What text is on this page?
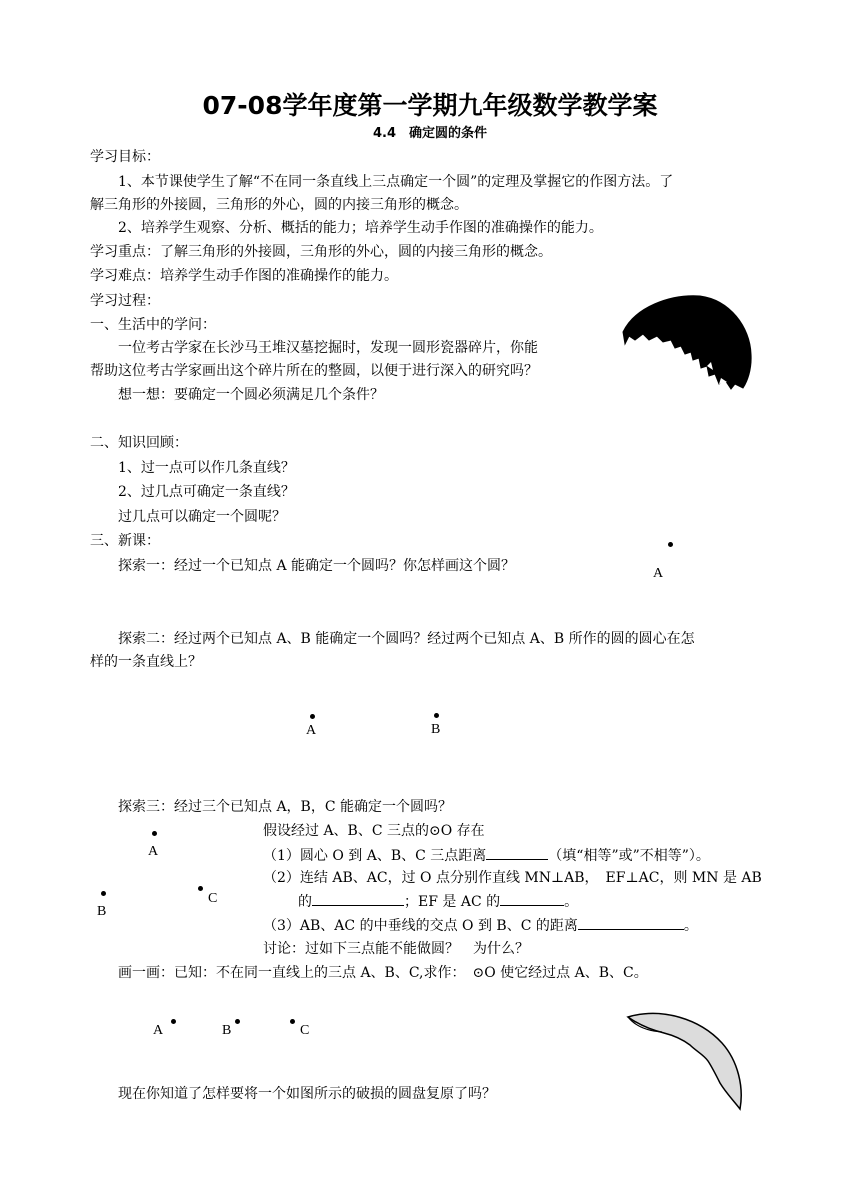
07-08学年度第一学期九年级数学教学案
4.4　确定圆的条件
学习目标：
1、本节课使学生了解“不在同一条直线上三点确定一个圆”的定理及掌握它的作图方法。了
解三角形的外接圆，三角形的外心，圆的内接三角形的概念。
2、培养学生观察、分析、概括的能力；培养学生动手作图的准确操作的能力。
学习重点：了解三角形的外接圆，三角形的外心，圆的内接三角形的概念。
学习难点：培养学生动手作图的准确操作的能力。
学习过程：
一、生活中的学问：
一位考古学家在长沙马王堆汉墓挖掘时，发现一圆形瓷器碎片，你能
帮助这位考古学家画出这个碎片所在的整圆，以便于进行深入的研究吗？
想一想：要确定一个圆必须满足几个条件？
二、知识回顾：
1、过一点可以作几条直线？
2、过几点可确定一条直线？
过几点可以确定一个圆呢？
三、新课：
探索一：经过一个已知点 A 能确定一个圆吗？你怎样画这个圆？	A
探索二：经过两个已知点 A、B 能确定一个圆吗？经过两个已知点 A、B 所作的圆的圆心在怎
样的一条直线上？
A	B
探索三：经过三个已知点 A，B，C 能确定一个圆吗？
A
B
C
假设经过 A、B、C 三点的⊙O 存在
（1）圆心 O 到 A、B、C 三点距离	（填“相等”或”不相等”）。
（2）连结 AB、AC，过 O 点分别作直线 MN⊥AB，　EF⊥AC，则 MN 是 AB
的	；EF 是 AC 的	。
（3）AB、AC 的中垂线的交点 O 到 B、C 的距离	。
讨论：过如下三点能不能做圆？　为什么？
画一画：已知：不在同一直线上的三点 A、B、C,求作：　⊙O 使它经过点 A、B、C。
A	B	C
现在你知道了怎样要将一个如图所示的破损的圆盘复原了吗？
